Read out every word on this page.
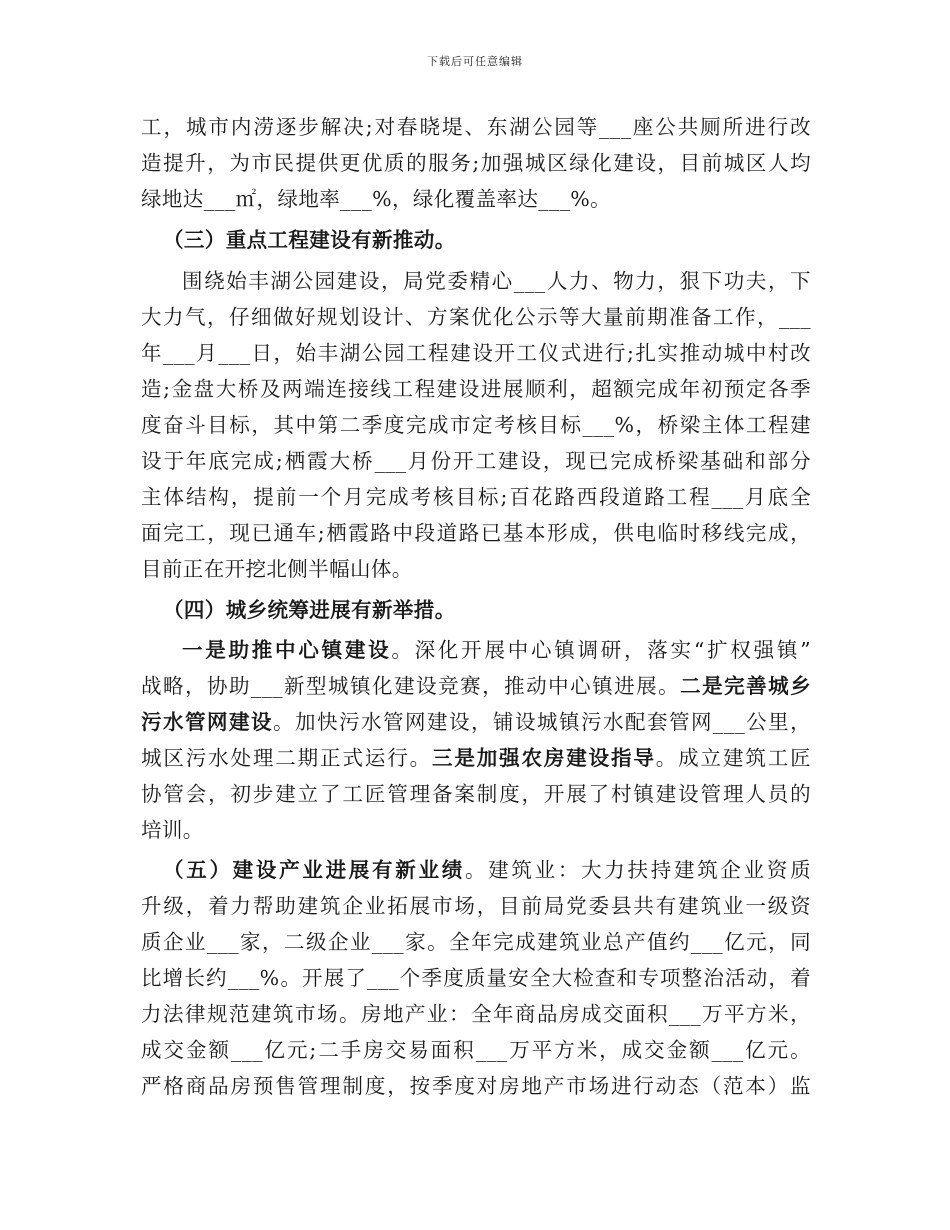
下载后可任意编辑
工，城市内涝逐步解决;对春晓堤、东湖公园等___座公共厕所进行改
造提升，为市民提供更优质的服务;加强城区绿化建设，目前城区人均
绿地达___㎡，绿地率___%，绿化覆盖率达___%。
（三）重点工程建设有新推动。
围绕始丰湖公园建设，局党委精心___人力、物力，狠下功夫，下
大力气，仔细做好规划设计、方案优化公示等大量前期准备工作，___
年___月___日，始丰湖公园工程建设开工仪式进行;扎实推动城中村改
造;金盘大桥及两端连接线工程建设进展顺利，超额完成年初预定各季
度奋斗目标，其中第二季度完成市定考核目标___%，桥梁主体工程建
设于年底完成;栖霞大桥___月份开工建设，现已完成桥梁基础和部分
主体结构，提前一个月完成考核目标;百花路西段道路工程___月底全
面完工，现已通车;栖霞路中段道路已基本形成，供电临时移线完成，
目前正在开挖北侧半幅山体。
（四）城乡统筹进展有新举措。
一是助推中心镇建设。深化开展中心镇调研，落实“扩权强镇”
战略，协助___新型城镇化建设竞赛，推动中心镇进展。二是完善城乡
污水管网建设。加快污水管网建设，铺设城镇污水配套管网___公里，
城区污水处理二期正式运行。三是加强农房建设指导。成立建筑工匠
协管会，初步建立了工匠管理备案制度，开展了村镇建设管理人员的
培训。
（五）建设产业进展有新业绩。建筑业：大力扶持建筑企业资质
升级，着力帮助建筑企业拓展市场，目前局党委县共有建筑业一级资
质企业___家，二级企业___家。全年完成建筑业总产值约___亿元，同
比增长约___%。开展了___个季度质量安全大检查和专项整治活动，着
力法律规范建筑市场。房地产业：全年商品房成交面积___万平方米，
成交金额___亿元;二手房交易面积___万平方米，成交金额___亿元。
严格商品房预售管理制度，按季度对房地产市场进行动态（范本）监
